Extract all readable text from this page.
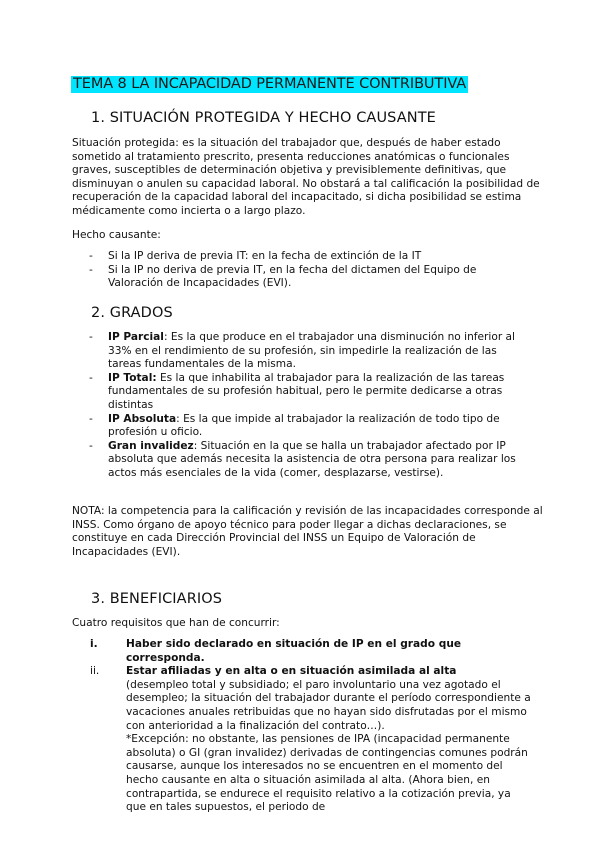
TEMA 8 LA INCAPACIDAD PERMANENTE CONTRIBUTIVA
1. SITUACIÓN PROTEGIDA Y HECHO CAUSANTE

Situación protegida: es la situación del trabajador que, después de haber estado sometido al tratamiento prescrito, presenta reducciones anatómicas o funcionales graves, susceptibles de determinación objetiva y previsiblemente definitivas, que disminuyan o anulen su capacidad laboral. No obstará a tal calificación la posibilidad de recuperación de la capacidad laboral del incapacitado, si dicha posibilidad se estima médicamente como incierta o a largo plazo.

Hecho causante:

- Si la IP deriva de previa IT: en la fecha de extinción de la IT
- Si la IP no deriva de previa IT, en la fecha del dictamen del Equipo de Valoración de Incapacidades (EVI).
2. GRADOS
- IP Parcial: Es la que produce en el trabajador una disminución no inferior al 33% en el rendimiento de su profesión, sin impedirle la realización de las tareas fundamentales de la misma.
- IP Total: Es la que inhabilita al trabajador para la realización de las tareas fundamentales de su profesión habitual, pero le permite dedicarse a otras distintas
- IP Absoluta: Es la que impide al trabajador la realización de todo tipo de profesión u oficio.
- Gran invalidez: Situación en la que se halla un trabajador afectado por IP absoluta que además necesita la asistencia de otra persona para realizar los actos más esenciales de la vida (comer, desplazarse, vestirse).

NOTA: la competencia para la calificación y revisión de las incapacidades corresponde al INSS. Como órgano de apoyo técnico para poder llegar a dichas declaraciones, se constituye en cada Dirección Provincial del INSS un Equipo de Valoración de Incapacidades (EVI).

3. BENEFICIARIOS

Cuatro requisitos que han de concurrir:

i.	Haber sido declarado en situación de IP en el grado que corresponda.
ii.	Estar afiliadas y en alta o en situación asimilada al alta
(desempleo total y subsidiado; el paro involuntario una vez agotado el desempleo; la situación del trabajador durante el período correspondiente a vacaciones anuales retribuidas que no hayan sido disfrutadas por el mismo con anterioridad a la finalización del contrato…).
*Excepción: no obstante, las pensiones de IPA (incapacidad permanente absoluta) o GI (gran invalidez) derivadas de contingencias comunes podrán causarse, aunque los interesados no se encuentren en el momento del hecho causante en alta o situación asimilada al alta. (Ahora bien, en contrapartida, se endurece el requisito relativo a la cotización previa, ya que en tales supuestos, el periodo de
